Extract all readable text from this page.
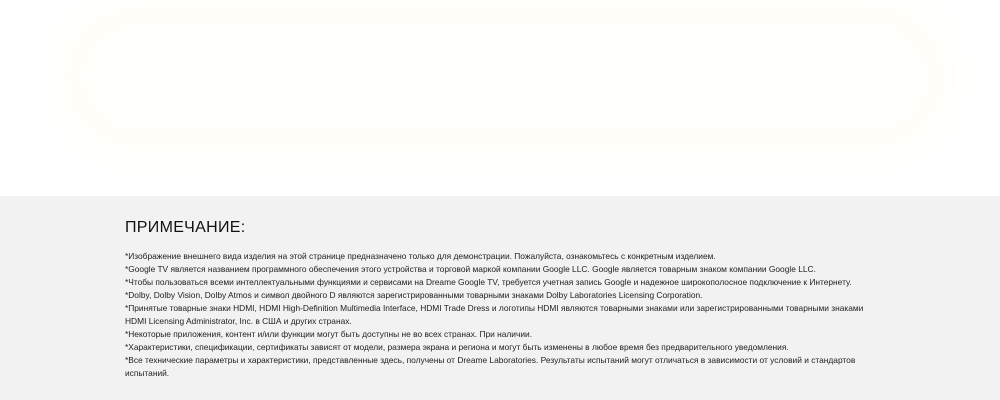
ПРИМЕЧАНИЕ:
*Изображение внешнего вида изделия на этой странице предназначено только для демонстрации. Пожалуйста, ознакомьтесь с конкретным изделием.
*Google TV является названием программного обеспечения этого устройства и торговой маркой компании Google LLC. Google является товарным знаком компании Google LLC.
*Чтобы пользоваться всеми интеллектуальными функциями и сервисами на Dreame Google TV, требуется учетная запись Google и надежное широкополосное подключение к Интернету.
*Dolby, Dolby Vision, Dolby Atmos и символ двойного D являются зарегистрированными товарными знаками Dolby Laboratories Licensing Corporation.
*Принятые товарные знаки HDMI, HDMI High-Definition Multimedia Interface, HDMI Trade Dress и логотипы HDMI являются товарными знаками или зарегистрированными товарными знаками HDMI Licensing Administrator, Inc. в США и других странах.
*Некоторые приложения, контент и/или функции могут быть доступны не во всех странах. При наличии.
*Характеристики, спецификации, сертификаты зависят от модели, размера экрана и региона и могут быть изменены в любое время без предварительного уведомления.
*Все технические параметры и характеристики, представленные здесь, получены от Dreame Laboratories. Результаты испытаний могут отличаться в зависимости от условий и стандартов испытаний.
